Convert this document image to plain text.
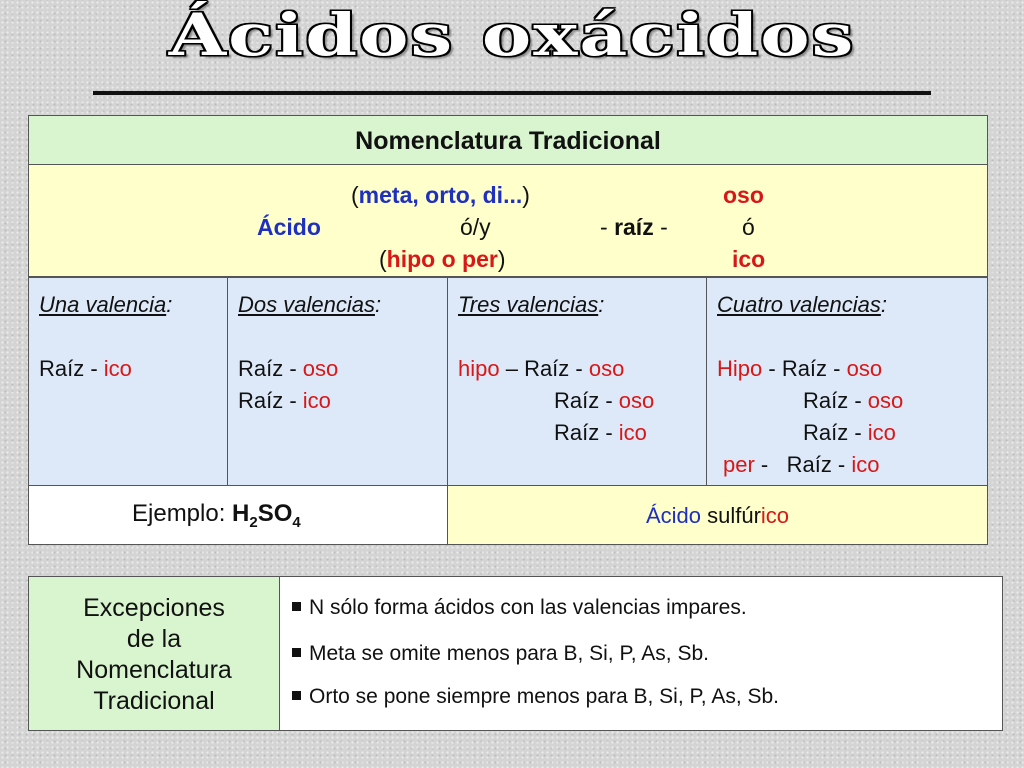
Ácidos oxácidos
Nomenclatura Tradicional
(meta, orto, di...)	oso
Ácido	ó/y	- raíz -	ó
(hipo o per)	ico
Una valencia:
Raíz - ico
Dos valencias:
Raíz - oso
Raíz - ico
Tres valencias:
hipo – Raíz - oso
Raíz - oso
Raíz - ico
Cuatro valencias:
Hipo - Raíz - oso
Raíz - oso
Raíz - ico
per -   Raíz - ico
Ejemplo: $H_2SO_4$	Ácido sulfúrico
Excepciones
de la
Nomenclatura
Tradicional
N sólo forma ácidos con las valencias impares.
Meta se omite menos para B, Si, P, As, Sb.
Orto se pone siempre menos para B, Si, P, As, Sb.
